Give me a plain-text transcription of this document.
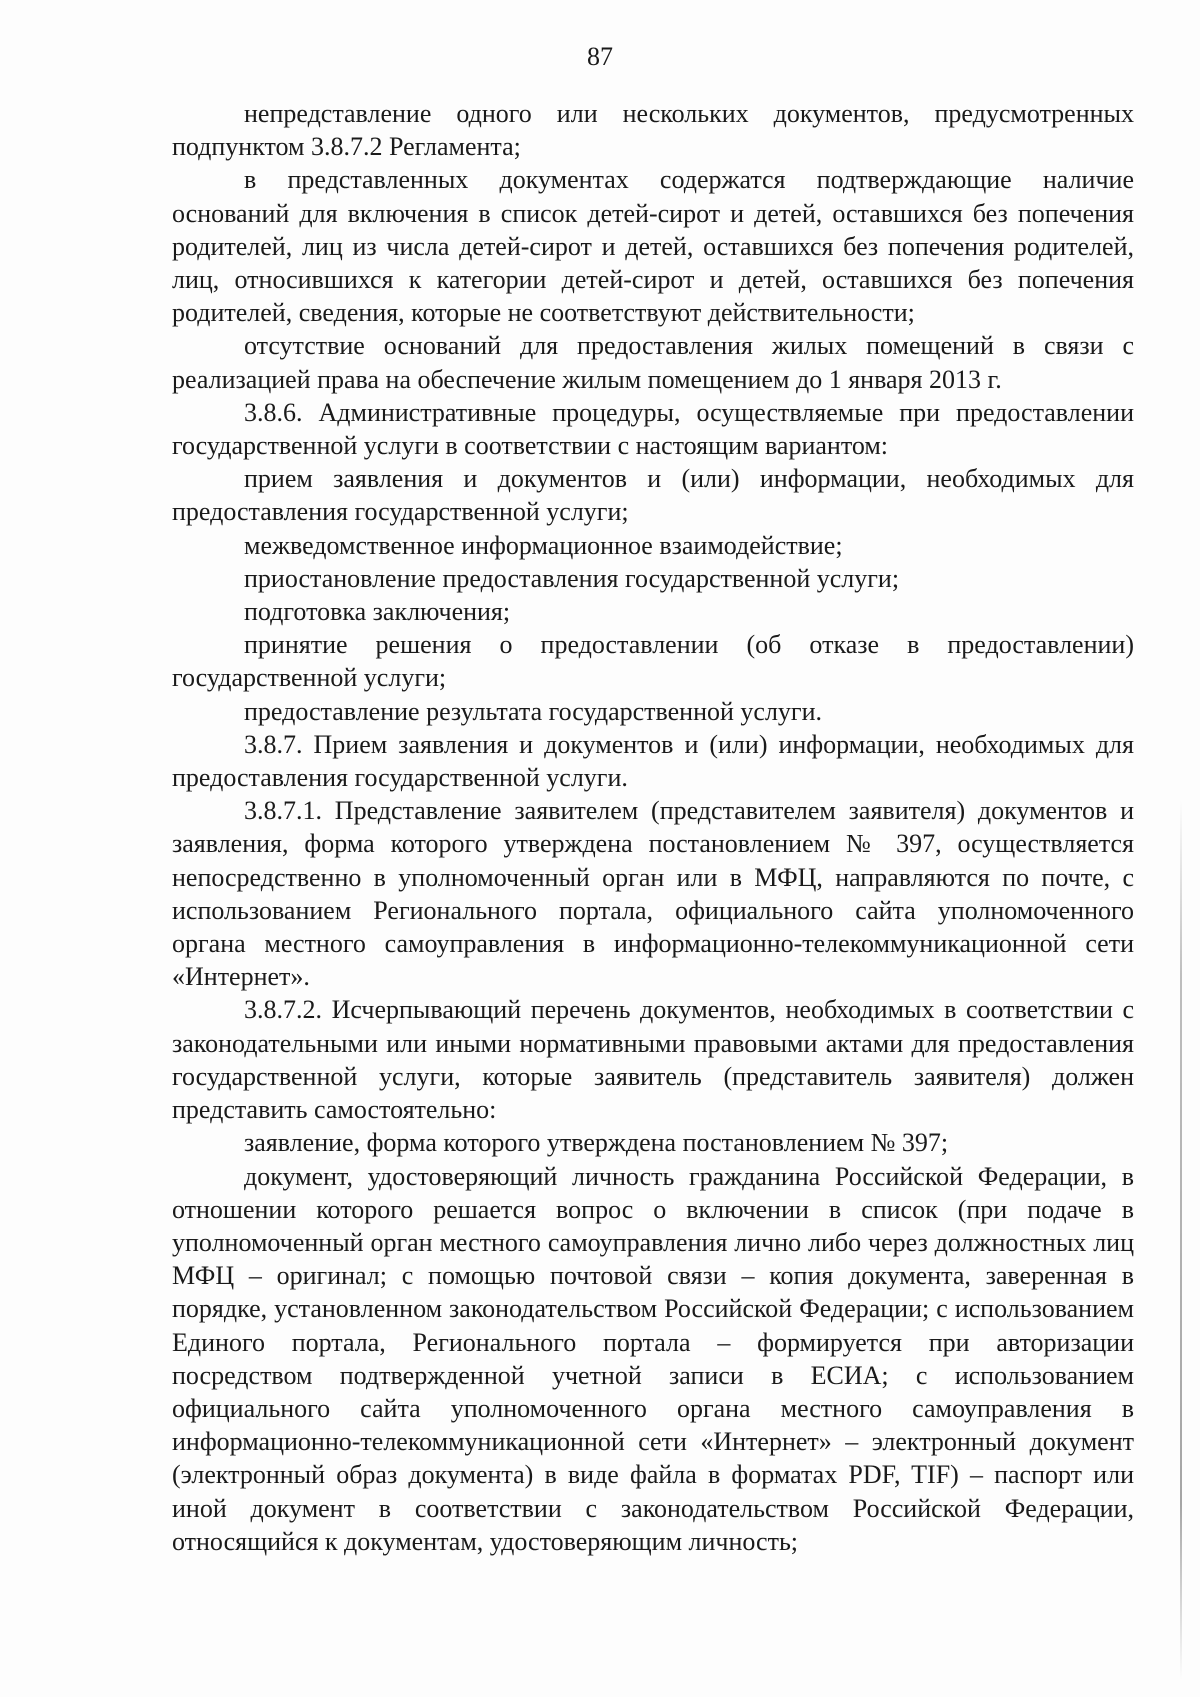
87

непредставление одного или нескольких документов, предусмотренных подпунктом 3.8.7.2 Регламента;

в представленных документах содержатся подтверждающие наличие оснований для включения в список детей-сирот и детей, оставшихся без попечения родителей, лиц из числа детей-сирот и детей, оставшихся без попечения родителей, лиц, относившихся к категории детей-сирот и детей, оставшихся без попечения родителей, сведения, которые не соответствуют действительности;

отсутствие оснований для предоставления жилых помещений в связи с реализацией права на обеспечение жилым помещением до 1 января 2013 г.

3.8.6. Административные процедуры, осуществляемые при предоставлении государственной услуги в соответствии с настоящим вариантом:

прием заявления и документов и (или) информации, необходимых для предоставления государственной услуги;

межведомственное информационное взаимодействие;

приостановление предоставления государственной услуги;

подготовка заключения;

принятие решения о предоставлении (об отказе в предоставлении) государственной услуги;

предоставление результата государственной услуги.

3.8.7. Прием заявления и документов и (или) информации, необходимых для предоставления государственной услуги.

3.8.7.1. Представление заявителем (представителем заявителя) документов и заявления, форма которого утверждена постановлением № 397, осуществляется непосредственно в уполномоченный орган или в МФЦ, направляются по почте, с использованием Регионального портала, официального сайта уполномоченного органа местного самоуправления в информационно-телекоммуникационной сети «Интернет».

3.8.7.2. Исчерпывающий перечень документов, необходимых в соответствии с законодательными или иными нормативными правовыми актами для предоставления государственной услуги, которые заявитель (представитель заявителя) должен представить самостоятельно:

заявление, форма которого утверждена постановлением № 397;

документ, удостоверяющий личность гражданина Российской Федерации, в отношении которого решается вопрос о включении в список (при подаче в уполномоченный орган местного самоуправления лично либо через должностных лиц МФЦ – оригинал; с помощью почтовой связи – копия документа, заверенная в порядке, установленном законодательством Российской Федерации; с использованием Единого портала, Регионального портала – формируется при авторизации посредством подтвержденной учетной записи в ЕСИА; с использованием официального сайта уполномоченного органа местного самоуправления в информационно-телекоммуникационной сети «Интернет» – электронный документ (электронный образ документа) в виде файла в форматах PDF, TIF) – паспорт или иной документ в соответствии с законодательством Российской Федерации, относящийся к документам, удостоверяющим личность;
